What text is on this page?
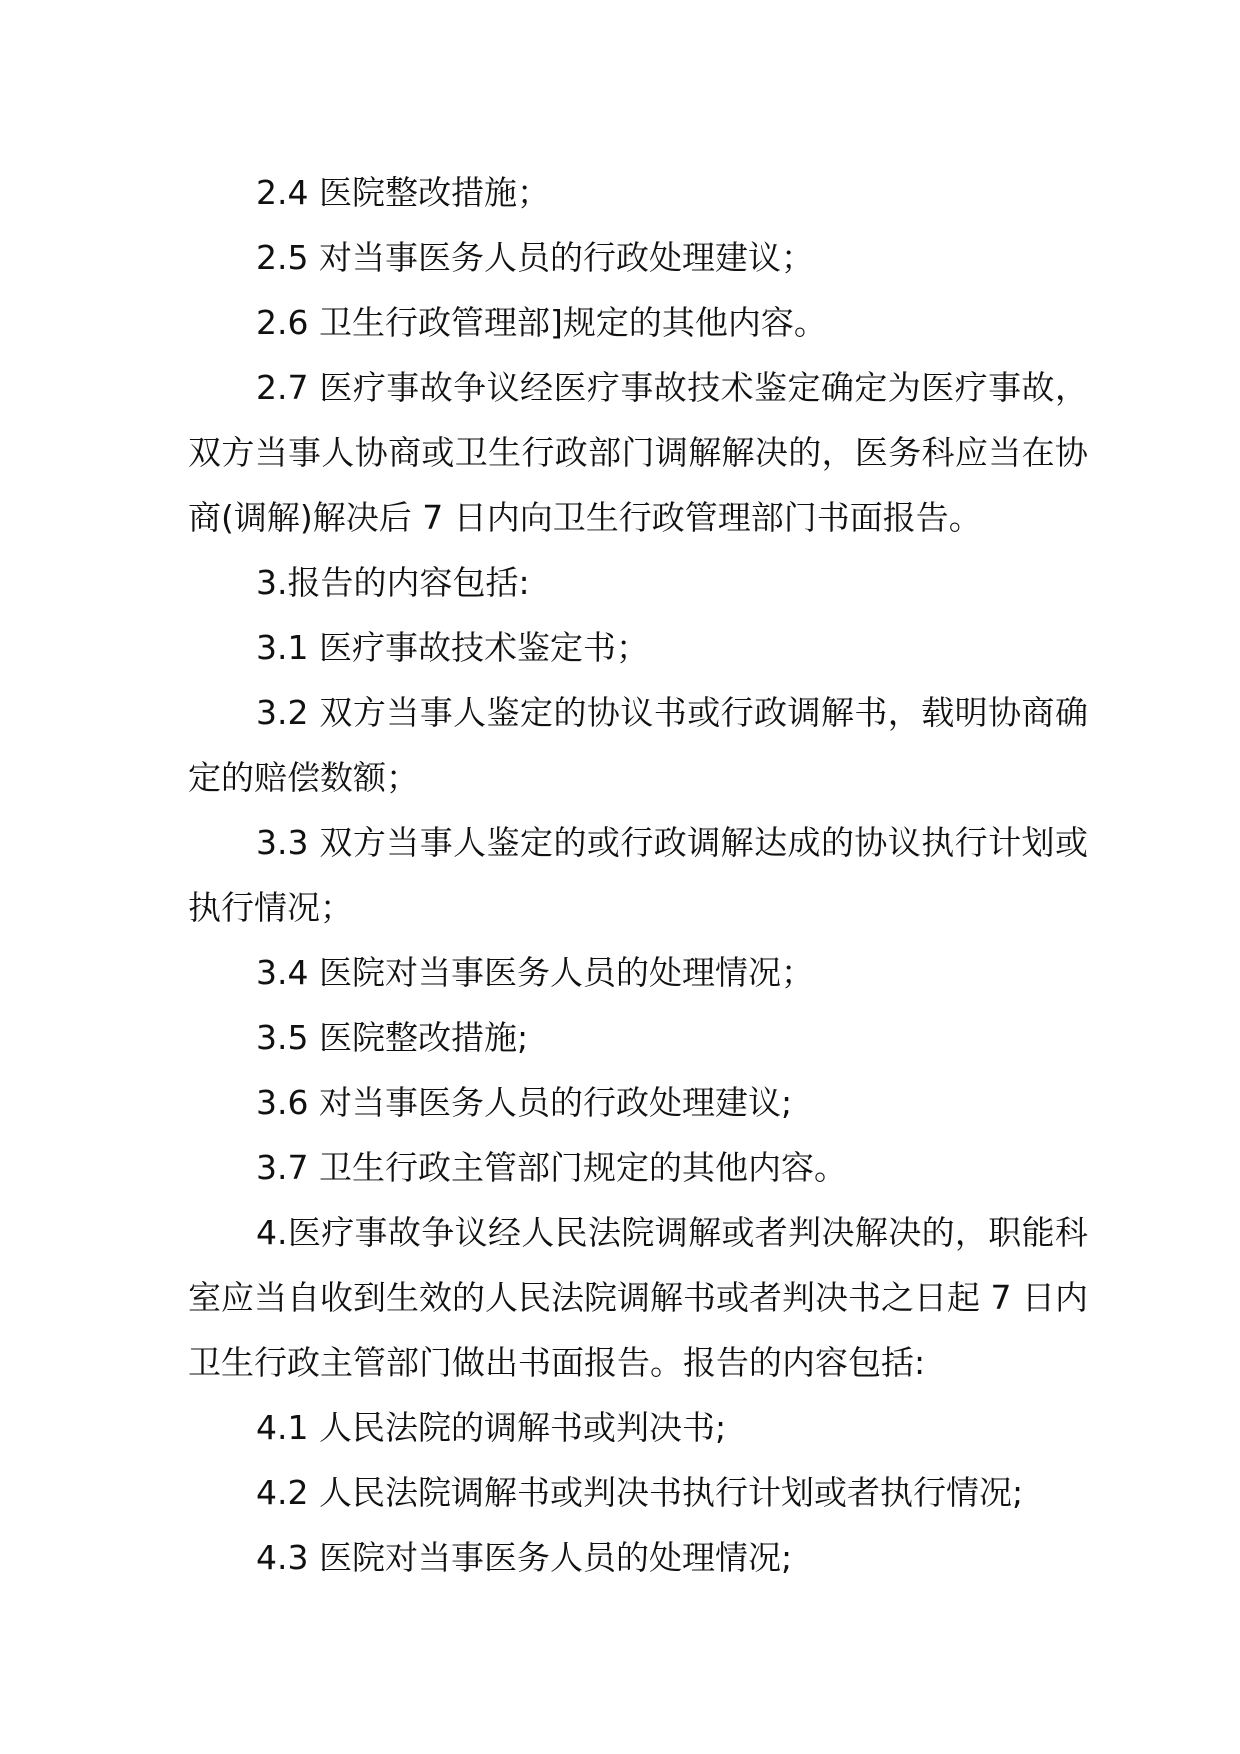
2.4 医院整改措施；

2.5 对当事医务人员的行政处理建议；

2.6 卫生行政管理部]规定的其他内容。

2.7 医疗事故争议经医疗事故技术鉴定确定为医疗事故，双方当事人协商或卫生行政部门调解解决的，医务科应当在协商(调解)解决后 7 日内向卫生行政管理部门书面报告。

3.报告的内容包括:

3.1 医疗事故技术鉴定书；

3.2 双方当事人鉴定的协议书或行政调解书，载明协商确定的赔偿数额；

3.3 双方当事人鉴定的或行政调解达成的协议执行计划或执行情况；

3.4 医院对当事医务人员的处理情况；

3.5 医院整改措施;

3.6 对当事医务人员的行政处理建议;

3.7 卫生行政主管部门规定的其他内容。

4.医疗事故争议经人民法院调解或者判决解决的，职能科室应当自收到生效的人民法院调解书或者判决书之日起 7 日内卫生行政主管部门做出书面报告。报告的内容包括:

4.1 人民法院的调解书或判决书;

4.2 人民法院调解书或判决书执行计划或者执行情况;

4.3 医院对当事医务人员的处理情况;
